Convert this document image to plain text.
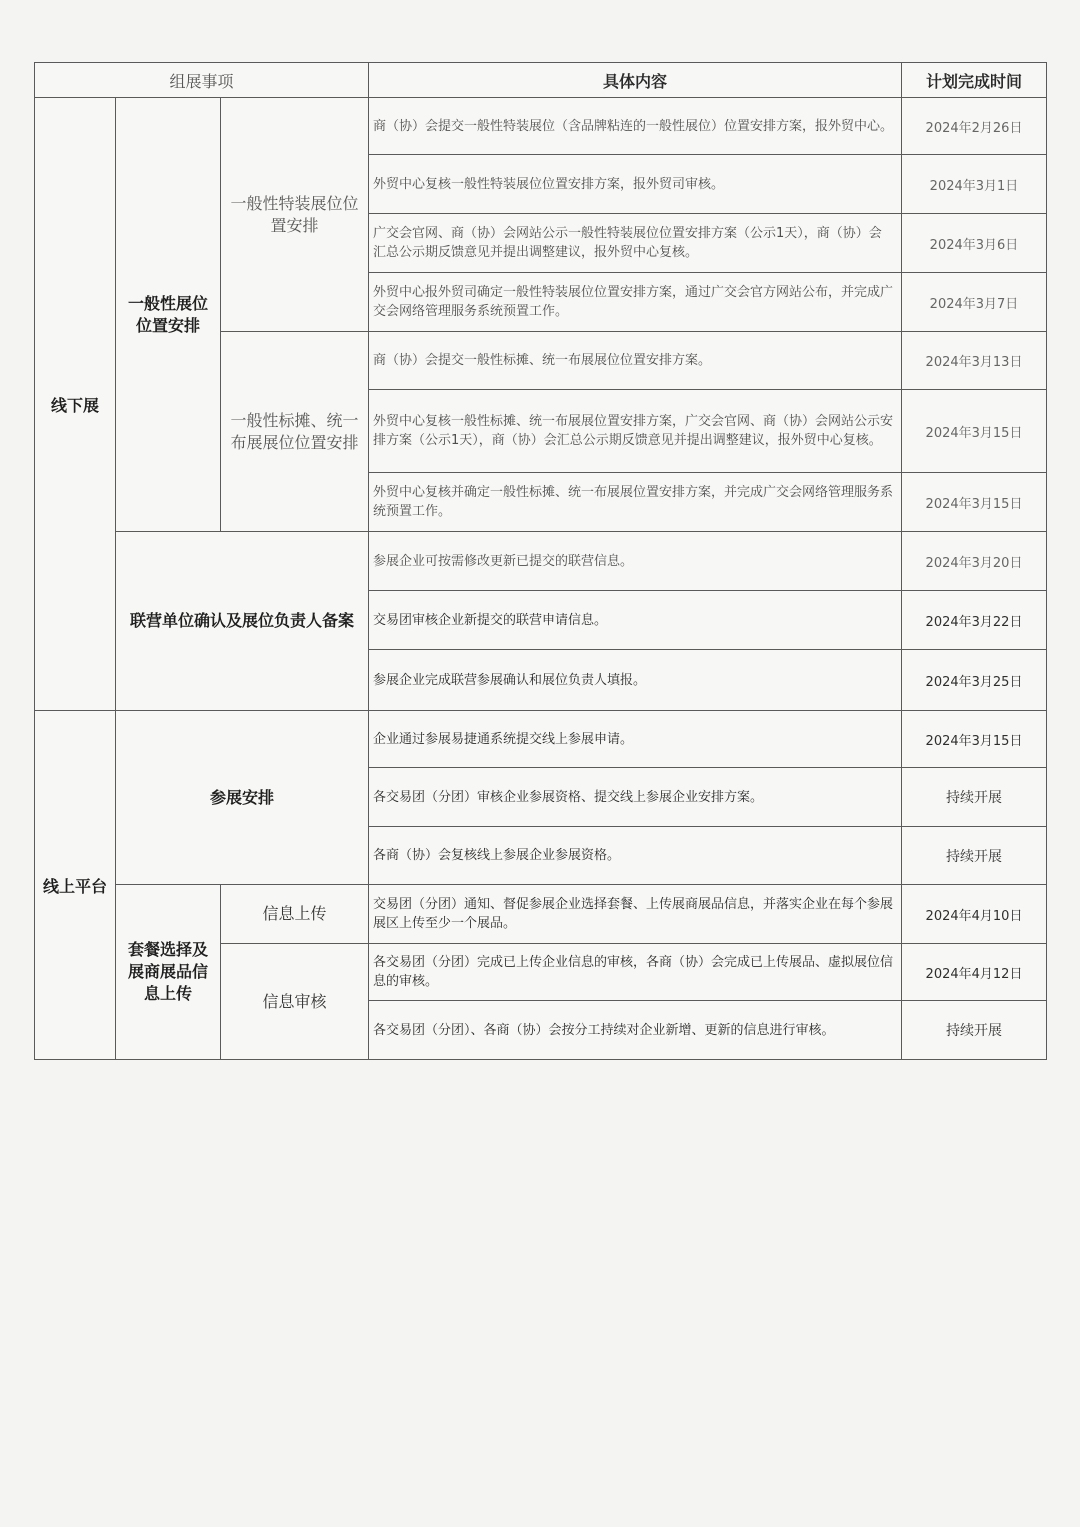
组展事项			具体内容	计划完成时间
线下展	一般性展位位置安排	一般性特装展位位置安排	商（协）会提交一般性特装展位（含品牌粘连的一般性展位）位置安排方案，报外贸中心。	2024年2月26日
			外贸中心复核一般性特装展位位置安排方案，报外贸司审核。	2024年3月1日
			广交会官网、商（协）会网站公示一般性特装展位位置安排方案（公示1天），商（协）会汇总公示期反馈意见并提出调整建议，报外贸中心复核。	2024年3月6日
			外贸中心报外贸司确定一般性特装展位位置安排方案，通过广交会官方网站公布，并完成广交会网络管理服务系统预置工作。	2024年3月7日
		一般性标摊、统一布展展位位置安排	商（协）会提交一般性标摊、统一布展展位位置安排方案。	2024年3月13日
			外贸中心复核一般性标摊、统一布展展位置安排方案，广交会官网、商（协）会网站公示安排方案（公示1天），商（协）会汇总公示期反馈意见并提出调整建议，报外贸中心复核。	2024年3月15日
			外贸中心复核并确定一般性标摊、统一布展展位置安排方案，并完成广交会网络管理服务系统预置工作。	2024年3月15日
	联营单位确认及展位负责人备案		参展企业可按需修改更新已提交的联营信息。	2024年3月20日
			交易团审核企业新提交的联营申请信息。	2024年3月22日
			参展企业完成联营参展确认和展位负责人填报。	2024年3月25日
线上平台	参展安排		企业通过参展易捷通系统提交线上参展申请。	2024年3月15日
			各交易团（分团）审核企业参展资格、提交线上参展企业安排方案。	持续开展
			各商（协）会复核线上参展企业参展资格。	持续开展
	套餐选择及展商展品信息上传	信息上传	交易团（分团）通知、督促参展企业选择套餐、上传展商展品信息，并落实企业在每个参展展区上传至少一个展品。	2024年4月10日
		信息审核	各交易团（分团）完成已上传企业信息的审核，各商（协）会完成已上传展品、虚拟展位信息的审核。	2024年4月12日
			各交易团（分团）、各商（协）会按分工持续对企业新增、更新的信息进行审核。	持续开展
